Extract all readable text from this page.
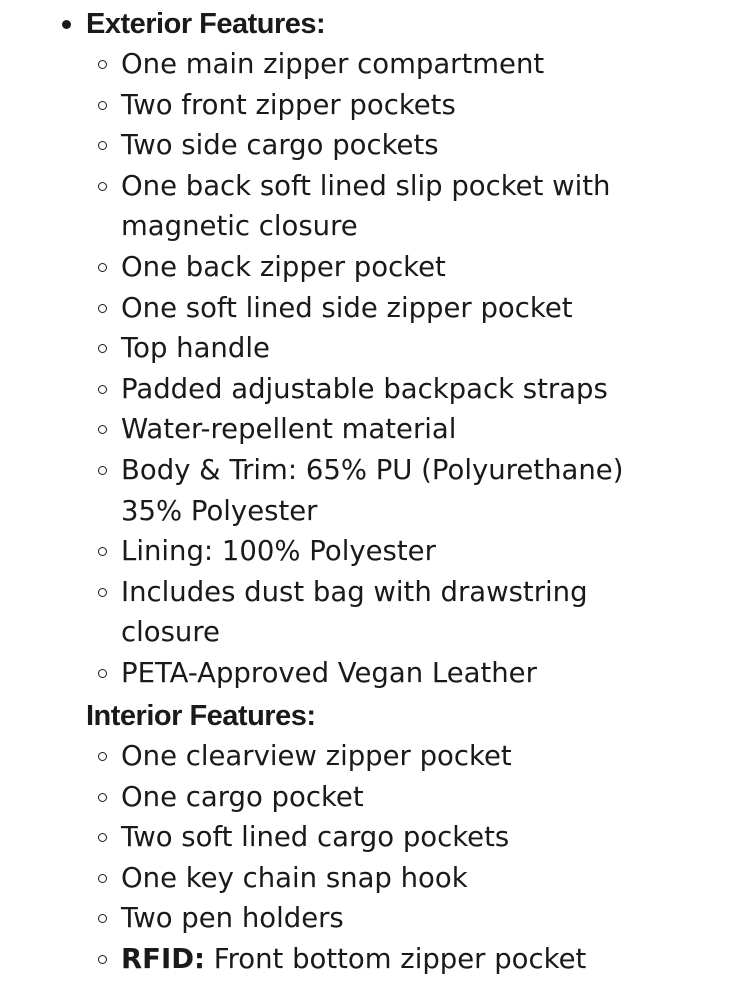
Exterior Features:
One main zipper compartment
Two front zipper pockets
Two side cargo pockets
One back soft lined slip pocket with
magnetic closure
One back zipper pocket
One soft lined side zipper pocket
Top handle
Padded adjustable backpack straps
Water-repellent material
Body & Trim: 65% PU (Polyurethane)
35% Polyester
Lining: 100% Polyester
Includes dust bag with drawstring
closure
PETA-Approved Vegan Leather
Interior Features:
One clearview zipper pocket
One cargo pocket
Two soft lined cargo pockets
One key chain snap hook
Two pen holders
RFID: Front bottom zipper pocket
